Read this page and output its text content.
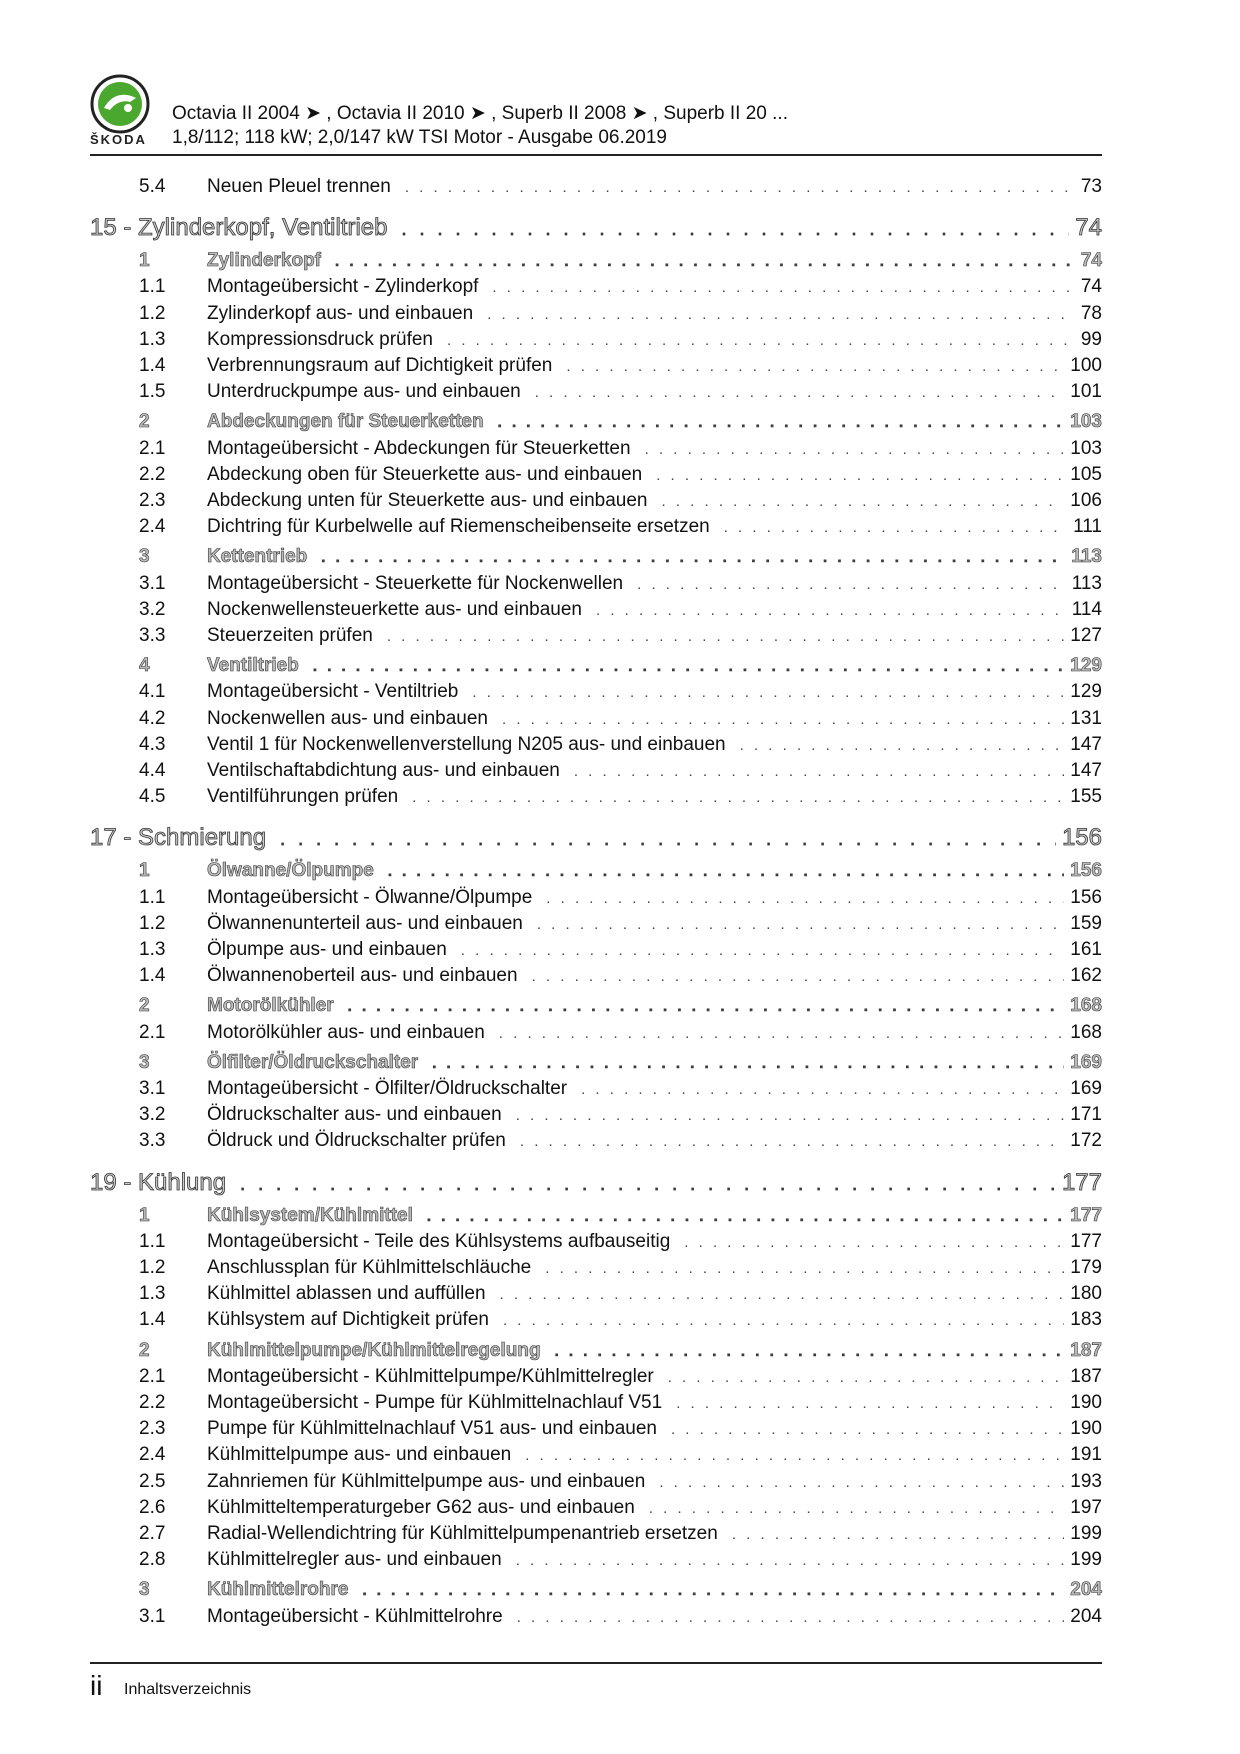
ŠKODA
Octavia II 2004 ➤ , Octavia II 2010 ➤ , Superb II 2008 ➤ , Superb II 20 ...
1,8/112; 118 kW; 2,0/147 kW TSI Motor - Ausgabe 06.2019
5.4	Neuen Pleuel trennen . . .	73
15 - Zylinderkopf, Ventiltrieb . . .	74
1	Zylinderkopf . . .	74
1.1	Montageübersicht - Zylinderkopf . . .	74
1.2	Zylinderkopf aus- und einbauen . . .	78
1.3	Kompressionsdruck prüfen . . .	99
1.4	Verbrennungsraum auf Dichtigkeit prüfen . . .	100
1.5	Unterdruckpumpe aus- und einbauen . . .	101
2	Abdeckungen für Steuerketten . . .	103
2.1	Montageübersicht - Abdeckungen für Steuerketten . . .	103
2.2	Abdeckung oben für Steuerkette aus- und einbauen . . .	105
2.3	Abdeckung unten für Steuerkette aus- und einbauen . . .	106
2.4	Dichtring für Kurbelwelle auf Riemenscheibenseite ersetzen . . .	111
3	Kettentrieb . . .	113
3.1	Montageübersicht - Steuerkette für Nockenwellen . . .	113
3.2	Nockenwellensteuerkette aus- und einbauen . . .	114
3.3	Steuerzeiten prüfen . . .	127
4	Ventiltrieb . . .	129
4.1	Montageübersicht - Ventiltrieb . . .	129
4.2	Nockenwellen aus- und einbauen . . .	131
4.3	Ventil 1 für Nockenwellenverstellung N205 aus- und einbauen . . .	147
4.4	Ventilschaftabdichtung aus- und einbauen . . .	147
4.5	Ventilführungen prüfen . . .	155
17 - Schmierung . . .	156
1	Ölwanne/Ölpumpe . . .	156
1.1	Montageübersicht - Ölwanne/Ölpumpe . . .	156
1.2	Ölwannenunterteil aus- und einbauen . . .	159
1.3	Ölpumpe aus- und einbauen . . .	161
1.4	Ölwannenoberteil aus- und einbauen . . .	162
2	Motorölkühler . . .	168
2.1	Motorölkühler aus- und einbauen . . .	168
3	Ölfilter/Öldruckschalter . . .	169
3.1	Montageübersicht - Ölfilter/Öldruckschalter . . .	169
3.2	Öldruckschalter aus- und einbauen . . .	171
3.3	Öldruck und Öldruckschalter prüfen . . .	172
19 - Kühlung . . .	177
1	Kühlsystem/Kühlmittel . . .	177
1.1	Montageübersicht - Teile des Kühlsystems aufbauseitig . . .	177
1.2	Anschlussplan für Kühlmittelschläuche . . .	179
1.3	Kühlmittel ablassen und auffüllen . . .	180
1.4	Kühlsystem auf Dichtigkeit prüfen . . .	183
2	Kühlmittelpumpe/Kühlmittelregelung . . .	187
2.1	Montageübersicht - Kühlmittelpumpe/Kühlmittelregler . . .	187
2.2	Montageübersicht - Pumpe für Kühlmittelnachlauf V51 . . .	190
2.3	Pumpe für Kühlmittelnachlauf V51 aus- und einbauen . . .	190
2.4	Kühlmittelpumpe aus- und einbauen . . .	191
2.5	Zahnriemen für Kühlmittelpumpe aus- und einbauen . . .	193
2.6	Kühlmitteltemperaturgeber G62 aus- und einbauen . . .	197
2.7	Radial-Wellendichtring für Kühlmittelpumpenantrieb ersetzen . . .	199
2.8	Kühlmittelregler aus- und einbauen . . .	199
3	Kühlmittelrohre . . .	204
3.1	Montageübersicht - Kühlmittelrohre . . .	204
ii Inhaltsverzeichnis
